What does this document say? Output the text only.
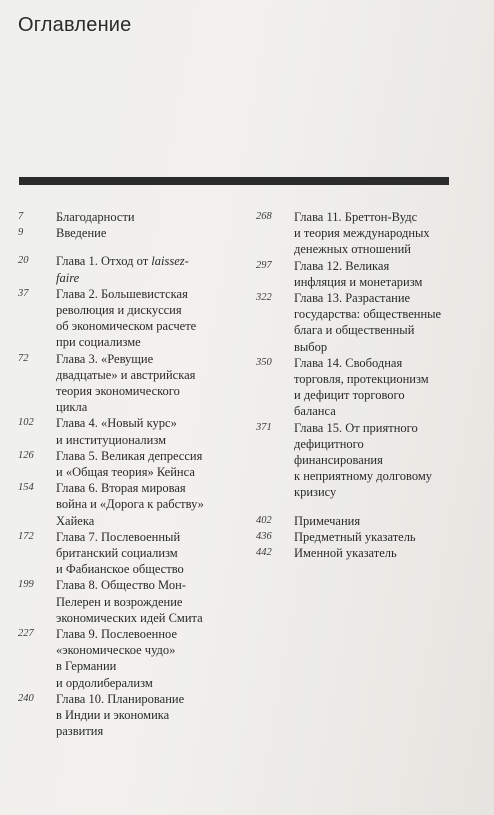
Оглавление
7	Благодарности
9	Введение
20	Глава 1. Отход от laissez-
faire
37	Глава 2. Большевистская
революция и дискуссия
об экономическом расчете
при социализме
72	Глава 3. «Ревущие
двадцатые» и австрийская
теория экономического
цикла
102	Глава 4. «Новый курс»
и институционализм
126	Глава 5. Великая депрессия
и «Общая теория» Кейнса
154	Глава 6. Вторая мировая
война и «Дорога к рабству»
Хайека
172	Глава 7. Послевоенный
британский социализм
и Фабианское общество
199	Глава 8. Общество Мон-
Пелерен и возрождение
экономических идей Смита
227	Глава 9. Послевоенное
«экономическое чудо»
в Германии
и ордолиберализм
240	Глава 10. Планирование
в Индии и экономика
развития
268	Глава 11. Бреттон-Вудс
и теория международных
денежных отношений
297	Глава 12. Великая
инфляция и монетаризм
322	Глава 13. Разрастание
государства: общественные
блага и общественный
выбор
350	Глава 14. Свободная
торговля, протекционизм
и дефицит торгового
баланса
371	Глава 15. От приятного
дефицитного
финансирования
к неприятному долговому
кризису
402	Примечания
436	Предметный указатель
442	Именной указатель
